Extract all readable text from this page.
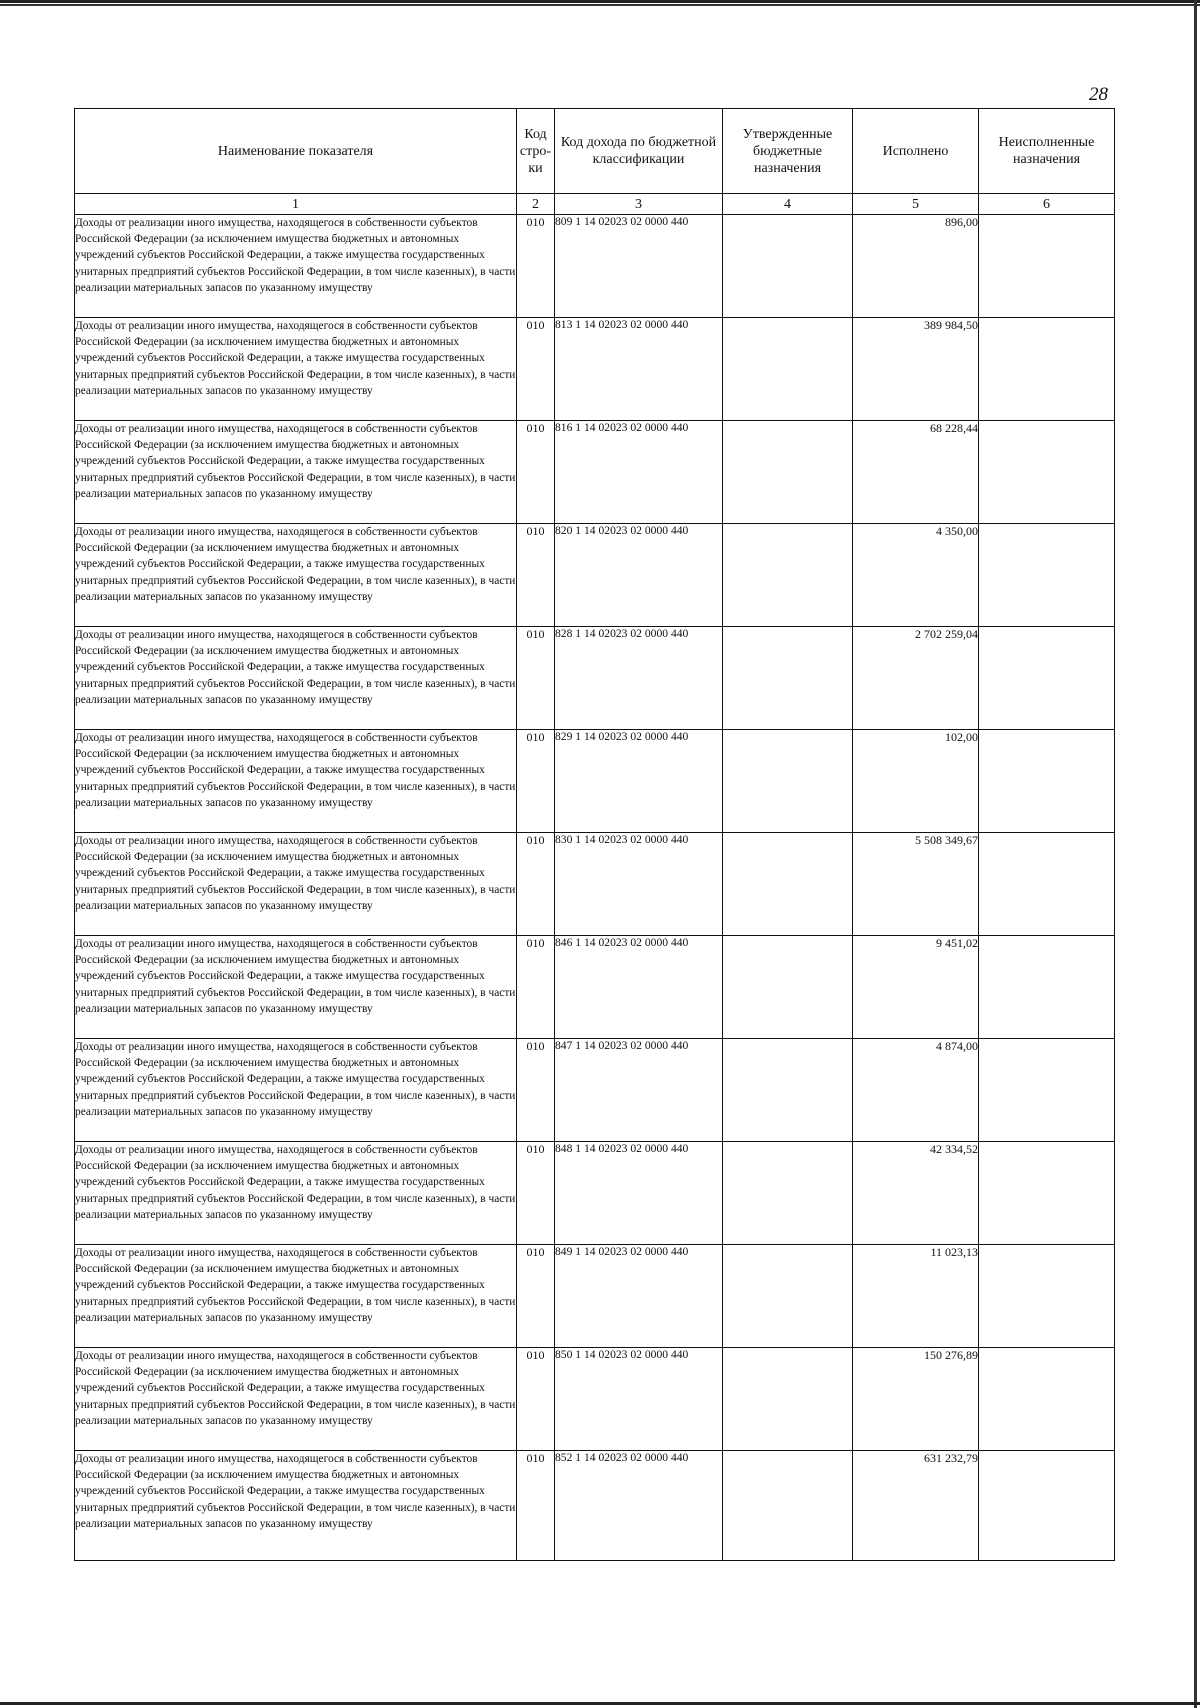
28
Наименование показателя	Код стро-ки	Код дохода по бюджетной классификации	Утвержденные бюджетные назначения	Исполнено	Неисполненные назначения
1	2	3	4	5	6
Доходы от реализации иного имущества, находящегося в собственности субъектов Российской Федерации (за исключением имущества бюджетных и автономных учреждений субъектов Российской Федерации, а также имущества государственных унитарных предприятий субъектов Российской Федерации, в том числе казенных), в части реализации материальных запасов по указанному имуществу	010	809 1 14 02023 02 0000 440		896,00	
Доходы от реализации иного имущества, находящегося в собственности субъектов Российской Федерации (за исключением имущества бюджетных и автономных учреждений субъектов Российской Федерации, а также имущества государственных унитарных предприятий субъектов Российской Федерации, в том числе казенных), в части реализации материальных запасов по указанному имуществу	010	813 1 14 02023 02 0000 440		389 984,50	
Доходы от реализации иного имущества, находящегося в собственности субъектов Российской Федерации (за исключением имущества бюджетных и автономных учреждений субъектов Российской Федерации, а также имущества государственных унитарных предприятий субъектов Российской Федерации, в том числе казенных), в части реализации материальных запасов по указанному имуществу	010	816 1 14 02023 02 0000 440		68 228,44	
Доходы от реализации иного имущества, находящегося в собственности субъектов Российской Федерации (за исключением имущества бюджетных и автономных учреждений субъектов Российской Федерации, а также имущества государственных унитарных предприятий субъектов Российской Федерации, в том числе казенных), в части реализации материальных запасов по указанному имуществу	010	820 1 14 02023 02 0000 440		4 350,00	
Доходы от реализации иного имущества, находящегося в собственности субъектов Российской Федерации (за исключением имущества бюджетных и автономных учреждений субъектов Российской Федерации, а также имущества государственных унитарных предприятий субъектов Российской Федерации, в том числе казенных), в части реализации материальных запасов по указанному имуществу	010	828 1 14 02023 02 0000 440		2 702 259,04	
Доходы от реализации иного имущества, находящегося в собственности субъектов Российской Федерации (за исключением имущества бюджетных и автономных учреждений субъектов Российской Федерации, а также имущества государственных унитарных предприятий субъектов Российской Федерации, в том числе казенных), в части реализации материальных запасов по указанному имуществу	010	829 1 14 02023 02 0000 440		102,00	
Доходы от реализации иного имущества, находящегося в собственности субъектов Российской Федерации (за исключением имущества бюджетных и автономных учреждений субъектов Российской Федерации, а также имущества государственных унитарных предприятий субъектов Российской Федерации, в том числе казенных), в части реализации материальных запасов по указанному имуществу	010	830 1 14 02023 02 0000 440		5 508 349,67	
Доходы от реализации иного имущества, находящегося в собственности субъектов Российской Федерации (за исключением имущества бюджетных и автономных учреждений субъектов Российской Федерации, а также имущества государственных унитарных предприятий субъектов Российской Федерации, в том числе казенных), в части реализации материальных запасов по указанному имуществу	010	846 1 14 02023 02 0000 440		9 451,02	
Доходы от реализации иного имущества, находящегося в собственности субъектов Российской Федерации (за исключением имущества бюджетных и автономных учреждений субъектов Российской Федерации, а также имущества государственных унитарных предприятий субъектов Российской Федерации, в том числе казенных), в части реализации материальных запасов по указанному имуществу	010	847 1 14 02023 02 0000 440		4 874,00	
Доходы от реализации иного имущества, находящегося в собственности субъектов Российской Федерации (за исключением имущества бюджетных и автономных учреждений субъектов Российской Федерации, а также имущества государственных унитарных предприятий субъектов Российской Федерации, в том числе казенных), в части реализации материальных запасов по указанному имуществу	010	848 1 14 02023 02 0000 440		42 334,52	
Доходы от реализации иного имущества, находящегося в собственности субъектов Российской Федерации (за исключением имущества бюджетных и автономных учреждений субъектов Российской Федерации, а также имущества государственных унитарных предприятий субъектов Российской Федерации, в том числе казенных), в части реализации материальных запасов по указанному имуществу	010	849 1 14 02023 02 0000 440		11 023,13	
Доходы от реализации иного имущества, находящегося в собственности субъектов Российской Федерации (за исключением имущества бюджетных и автономных учреждений субъектов Российской Федерации, а также имущества государственных унитарных предприятий субъектов Российской Федерации, в том числе казенных), в части реализации материальных запасов по указанному имуществу	010	850 1 14 02023 02 0000 440		150 276,89	
Доходы от реализации иного имущества, находящегося в собственности субъектов Российской Федерации (за исключением имущества бюджетных и автономных учреждений субъектов Российской Федерации, а также имущества государственных унитарных предприятий субъектов Российской Федерации, в том числе казенных), в части реализации материальных запасов по указанному имуществу	010	852 1 14 02023 02 0000 440		631 232,79	
